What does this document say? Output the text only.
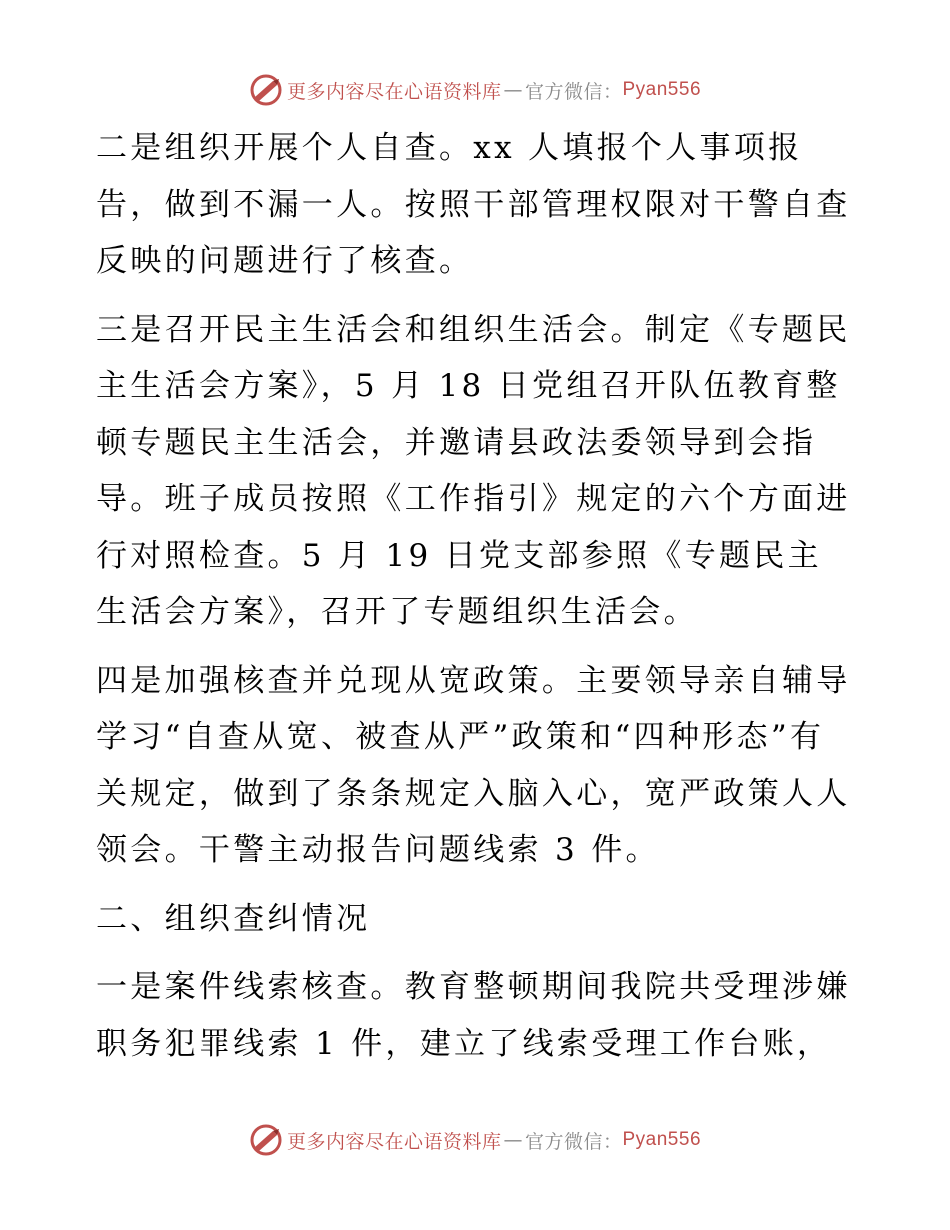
更多内容尽在心语资料库 — 官方微信： Pyan556

二是组织开展个人自查。xx 人填报个人事项报告，做到不漏一人。按照干部管理权限对干警自查反映的问题进行了核查。

三是召开民主生活会和组织生活会。制定《专题民主生活会方案》，5 月 18 日党组召开队伍教育整顿专题民主生活会，并邀请县政法委领导到会指导。班子成员按照《工作指引》规定的六个方面进行对照检查。5 月 19 日党支部参照《专题民主生活会方案》，召开了专题组织生活会。

四是加强核查并兑现从宽政策。主要领导亲自辅导学习“自查从宽、被查从严”政策和“四种形态”有关规定，做到了条条规定入脑入心，宽严政策人人领会。干警主动报告问题线索 3 件。

二、组织查纠情况

一是案件线索核查。教育整顿期间我院共受理涉嫌职务犯罪线索 1 件，建立了线索受理工作台账，

更多内容尽在心语资料库 — 官方微信： Pyan556
